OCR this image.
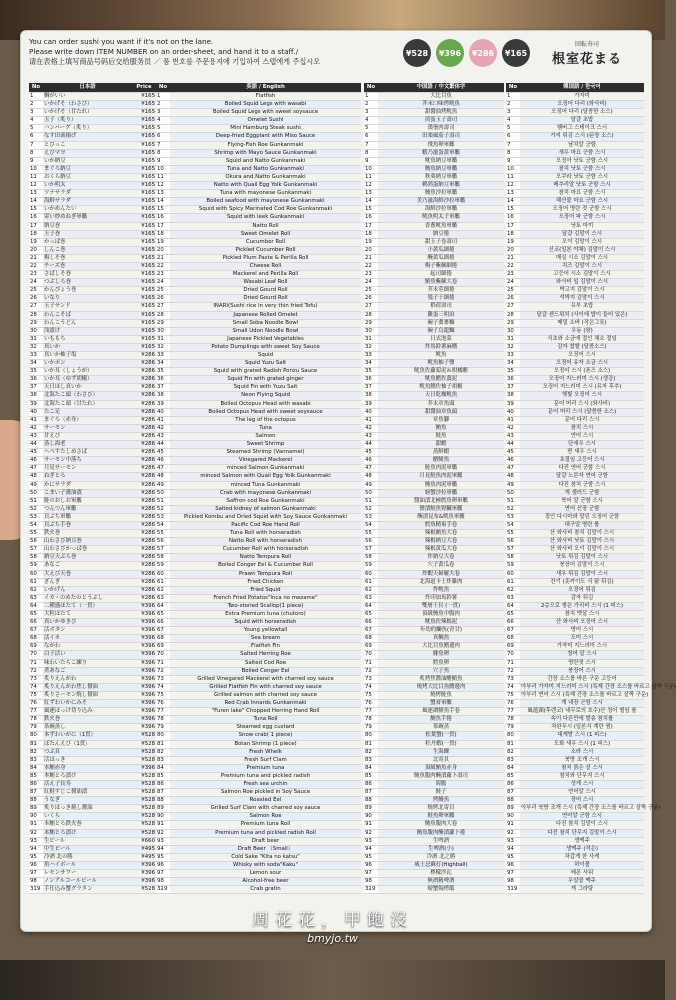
You can order sushi you want if it's not on the lane.
Please write down ITEM NUMBER on an order-sheet, and hand it to a staff./
请在表格上填写商品号码后交给服务员 ／ 품 번호를 주문용지에 기입하여 스텝에게 주십시오
¥528	¥396	¥286	¥165
回転寿司
根室花まる
No	日本語	Price
1	鯛がいい	¥165
2	いかげそ（わさび）	¥165
3	いかげそ（甘たれ）	¥165
4	玉子（炙り）	¥165
5	ハンバーグ（炙り）	¥165
6	なす田楽揚げ	¥165
7	とびっこ	¥165
8	えびマヨ	¥165
9	いか納豆	¥165
10	まぐろ納豆	¥165
11	おくら納豆	¥165
12	いか明太	¥165
13	ツナサラダ	¥165
14	海鮮サラダ	¥165
15	いかめんたい	¥165
16	寄い炒めねぎ軍艦	¥165
17	納豆巻	¥165
18	玉子巻	¥165
19	かっぱ巻	¥165
20	しんこ巻	¥165
21	梅しそ巻	¥165
22	チーズ巻	¥165
23	さばしそ巻	¥165
24	つぶしろ巻	¥165
25	かんぴょう巻	¥165
26	いなり	¥165
27	玉子サンド	¥165
28	わんこそば	¥165
29	わんこうどん	¥165
30	浅漬け	¥165
31	いももち	¥165
32	真いか	¥165
33	真いか柚子塩	¥286
34	いかポン	¥286
35	いか耳（しょうが）	¥286
36	いか耳（ゆず胡椒）	¥286
37	天日ほし真いか	¥286
38	北海たこ頭（わさび）	¥286
39	北海たこ頭（甘たれ）	¥286
40	たこ足	¥286
41	まぐろ（赤身）	¥286
42	サーモン	¥286
43	甘えび	¥286
44	蒸し海老	¥286
45	へぺすたしめさば	¥286
46	サーモン中落ち	¥286
47	月見サーモン	¥286
48	ねぎとろ	¥286
49	かにサラダ	¥286
50	こまい子醤油漬	¥286
51	鮭のおしお軍艦	¥286
52	つんつん軍艦	¥286
53	貝ぶち軍艦	¥286
54	貝ぶち手巻	¥286
55	鉄火巻	¥286
56	山わさび納豆巻	¥286
57	山わさびかっぱ巻	¥286
58	納豆天ぷら巻	¥286
59	あなご	¥286
60	大えび天巻	¥286
61	ざんぎ	¥286
62	いかげん	¥286
63	イカ・のめたのとうぶし	¥286
64	二種盛ほたて（一貫）	¥396
65	大粒ほたて	¥396
66	真いかゆきび	¥396
67	活ボタン	¥396
68	活イカ	¥396
69	ながわ	¥396
70	白子活い	¥396
71	味わいたらこ練り	¥396
72	煮あなご	¥396
73	炙りえんがわ	¥396
74	炙りえんがわ焦し醤油	¥396
75	炙りさーモン焼し醤油	¥396
76	紅ずわいかにみそ	¥396
77	風連ほっけ切り込み	¥396
78	鉄火巻	¥396
79	茶碗蒸し	¥396
80	本ずわいがに（1貫）	¥528
81	ぼたんえび（1貫）	¥528
82	つぶ貝	¥528
83	活ほっき	¥528
84	本鮪赤身	¥396
85	本鮪とろ漬け	¥528
86	活え子長寿	¥528
87	紅鮭すじこ醤油漬	¥528
88	うなぎ	¥528
89	炙りほっき焼し醤油	¥528
90	いくら	¥528
91	本鮪とろ鉄火巻	¥528
92	本鮪とろ漬け	¥528
93	生ビール	¥660
94	中生ビール	¥495
95	冷酒 北の勝	¥495
96	角ハイボール	¥396
97	レモンサワー	¥396
98	ノンアルコールビール	¥396
319	手仕込み蟹グラタン	¥528
No	英語 / English
1	Flatfish
2	Boiled Squid Legs with wasabi
3	Boiled Squid Legs with sweet soysauce
4	Omelet Sushi
5	Mini Hamburg Steak sushi
6	Deep-fried Eggplant with Miso Sauce
7	Flying-Fish Roe Gunkanmaki
8	Shrimp with Mayo Sauce Gunkanmaki
9	Squid and Natto Gunkanmaki
10	Tuna and Natto Gunkanmaki
11	Okura and Natto Gunkanmaki
12	Natto with Quail Egg Yolk Gunkanmaki
13	Tuna with mayonese Gunkanmaki
14	Boiled seafood with mayonese Gunkanmaki
15	Squid with Spicy Marinated Cod Roe Gunkanmaki
16	Squid with leek Gunkanmaki
17	Natto Roll
18	Sweet Omelet Roll
19	Cucumber Roll
20	Pickled Cucumber Roll
21	Pickled Plum Paste & Perilla Roll
22	Cheese Roll
23	Mackerel and Perilla Roll
24	Wasabi Leaf Roll
25	Dried Gourd Roll
26	Dried Gourd Roll
27	INARI(Sushi rice in very thin fried Tofu)
28	Japanese Rolled Omelet
29	Small Soba Noodle Bowl
30	Small Udon Noodle Bowl
31	Japanese Pickled Vegetables
32	Potato Dumplings with sweet Soy Sauce
33	Squid
34	Squid Yuzu Salt
35	Squid with grated Radish Ponzu Sauce
36	Squid Fin with grated ginger
37	Squid Fin with Yuzu Salt
38	Neon Flying Squid
39	Boiled Octopus Head with wasabi
40	Boiled Octopus Head with sweet soysauce
41	The leg of the octopus
42	Tuna
43	Salmon
44	Sweet Shrimp
45	Steamed Shrimp (Vannamei)
46	Vinegared Mackerel
47	minced Salmon Gunkanmaki
48	minced Salmon with Quail Egg Yolk Gunkanmaki
49	minced Tuna Gunkanmaki
50	Crab with mayonese Gunkanmaki
51	Saffron cod Roe Gunkanmaki
52	Salted kidney of salmon Gunkanmaki
53	Pickled Kombu and Dried Squid with Soy Sauce Gunkanmaki
54	Pacific Cod Roe Hand Roll
55	Tuna Roll with horseradish
56	Natto Roll with horseradish
57	Cucumber Roll with horseradish
58	Natto Tempura Roll
59	Boiled Conger Eel & Cucumber Roll
60	Prawn Tempura Roll
61	Fried Chicken
62	Fried Squid
63	French Fried Potatos"Inca no mezame"
64	Two-storied Scallop(1 piece)
65	Extra Premium tuna (chutoro)
66	Squid with horseradish
67	Young yellowtail
68	Sea bream
69	Flatfish Fin
70	Salted Herring Roe
71	Salted Cod Roe
72	Boiled Conger Eel
73	Grilled Vinegared Mackerel with charred soy sauce
74	Grilled Flatfish Fin with charred soy sauce
75	Grilled salmon with charred soy sauce
76	Red Crab Innards Gunkanmaki
77	"Furen lake" Chopped Herring Hand Roll
78	Tuna Roll
79	Steamed egg custard
80	Snow crab( 1 piece)
81	Botan Shrimp (1 piece)
82	Fresh Whelk
83	Fresh Surf Clam
84	Premium tuna
85	Premium tuna and pickled radish
86	Fresh sea urchin
87	Salmon Roe pickled in Soy Sauce
88	Roasted Eel
89	Grilled Surf Clam with charred soy sauce
90	Salmon Roe
91	Premium tuna Roll
92	Premium tuna and pickled radish Roll
93	Draft beer
94	Draft Beer （Small）
95	Cold Sake "Kita no katsu"
96	Whisky with soda"Kaku"
97	Lemon sour
98	Alcohol-free beer
319	Crab gratin
No	中国語 / 中文繁体字
1	大比目魚
2	芥末口味烤鱿魚
3	甜醬油烤鱿魚
4	煎蛋玉子壽司
5	漢堡肉壽司
6	田楽風茄子壽司
7	飛魚卵軍艦
8	蝦乃滋蛋黃軍艦
9	鱿魚納豆軍艦
10	鮪魚納豆軍艦
11	秋葵納豆軍艦
12	鹌鹑蛋納豆軍艦
13	鮪魚沙拉軍艦
14	美乃滋海鮮沙拉軍艦
15	海鮮沙拉軍艦
16	鱿魚明太子軍艦
17	香蔥鱿魚軍艦
18	納豆捲
19	甜玉子卷壽司
20	小黃瓜細捲
21	醃黃瓜細捲
22	梅子紫蘇細捲
23	起司細捲
24	鯖魚紫蘇大卷
25	芥末莖細捲
26	瓠子干細捲
27	稻荷壽司
28	雞蛋三明治
29	碗子蕎麥麵
30	碗子烏龍麵
31	日式泡菜
32	炸馬鈴薯麻糬
33	鱿魚
34	鱿魚柚子鹽
35	鱿魚佐蘿蔔泥＆柑橘醋
36	鱿魚鰭佐薑泥
37	鱿魚鰭佐柚子胡椒
38	天日乾燥鱿魚
39	芥末章魚頭
40	甜醬油章魚頭
41	章魚腳
42	鮪魚
43	鮭魚
44	甜蝦
45	蒸鮮蝦
46	醋鯖魚
47	鮭魚肉泥軍艦
48	月見鮭魚肉泥軍艦
49	鮪魚肉泥軍艦
50	螃蟹沙拉軍艦
51	醬油漬北極鱈魚卵軍艦
52	鹽漬鮭魚腎臟軍艦
53	醃漬昆布&鱿魚軍艦
54	鱈魚精巢手卷
55	辣根鮪魚大卷
56	辣根納豆大卷
57	辣根黃瓜大卷
58	炸納豆大卷
59	穴子黃瓜卷
60	炸蝦天婦羅大卷
61	北海道卡士炸雞肉
62	炸鱿魚
63	炸印加馬鈴薯
64	雙層干貝 (一貫)
65	頂級鮪魚中腹肉
66	鱿魚佐辣根泥
67	年幼的鰤魚(青甘)
68	真鯛魚
69	大比目魚鰭邊肉
70	鯡魚卵
71	鱈魚卵
72	穴子魚
73	炙烤焦醬油醋鯖魚
74	燒烤大比目魚鰭邊肉
75	燒烤鮭魚
76	蟹膏軍艦
77	風連湖鯡魚手卷
78	鮪魚手捲
79	茶碗蒸
80	松葉蟹(一貫)
81	牡丹蝦(一貫)
82	生海螺
83	北寄貝
84	頂級鮪魚赤身
85	鮪魚腹肉醃漬蘿卜壽司
86	海膽
87	鮭子
88	烤鰻魚
89	燒烤北寄貝
90	鮭魚卵軍艦
91	鮪魚腹肉大卷
92	鮪魚腹肉醃漬蘿卜捲
93	生啤酒
94	生啤酒(小)
95	冷酒 北之勝
96	威士忌蘇打(Highball)
97	檸檬沙瓦
98	無酒精啤酒
319	螃蟹焗烤飯
No	韓国語 / 한국어
1	가자미
2	오징어 다리 (와사비)
3	오징어 다리 (달콤한 소스)
4	달걀 초밥
5	햄버그 스테이크 스시
6	가지 튀김 스시 (된장 소스)
7	날치알 군함
8	새우 마요 군함 스시
9	오징어 낫토 군함 스시
10	참치 낫토 군함 스시
11	오쿠라 낫토 군함 스시
12	메추리알 낫토 군함 스시
13	참치 마요 군함 스시
14	해산물 마요 군함 스시
15	오징어 명란 젓 군함 스시
16	오징어 파 군함 스시
17	낫토 마끼
18	달걀 김말이 스시
19	오이 김말이 스시
20	신코(일본 야채) 김말이 스시
21	매실 시소 김말이 스시
22	치즈 김말이 스시
23	고등어 시소 김말이 스시
24	와사비 잎 김말이 스시
25	박고지 김말이 스시
26	석박지 김말이 스시
27	유부 초밥
28	달걀 샌드위치 (사이에 밥이 들어 있은)
29	메밀 소바 (작은그릇)
30	우동 (왕)
31	식초와 소금에 절인 채소 절임
32	감자 찹쌀 (달콤소스)
33	오징어 스시
34	오징어 유자 소금 스시
35	오징어 스시 (폰즈 소스)
36	오징어 지느러미 스시 (생강)
37	오징어 지느러미 스시 (유자 후추)
38	햇빛 오징어 스시
39	문어 머리 스시 (와사비)
40	문어 머리 스시 (달콤한 소스)
41	문어 다리 스시
42	참치 스시
43	연어 스시
44	단새우 스시
45	찐 새우 스시
46	초절임 고등어 스시
47	다진 연어 군함 스시
48	달걀 노른자 연어 군함
49	다진 참치 군함 스시
50	게 샐러드 군함
51	북어 알 군함 스시
52	연어 신장 군함
53	절인 다시마와 말린 오징어 군함
54	대구알 명란 롤
55	산 와사비 참치 김말이 스시
56	산 와사비 낫토 김말이 스시
57	산 와사비 오이 김말이 스시
58	낫토 튀김 김말이 스시
59	붕장어 김말이 스시
60	새우 튀김 김말이 스시
61	잔기 (홋카이도 식 닭 튀김)
62	오징어 튀김
63	감자 튀김
64	2층으로 쌓은 가리비 스시 (1 피스)
65	참치 뱃살 스시
66	산 와사비 오징어 스시
67	방어 스시
68	도미 스시
69	가자미 지느러미 스시
70	청어 알 스시
71	명란젓 스시
72	붕장어 스시
73	간장 소스를 바른 구운 고등어
74	아부리 가자미 지느러미 스시 (특제 간장 소스를 바르고 살짝 구운)
75	아부리 연어 스시 (특제 간장 소스를 바르고 살짝 구운)
76	게 내장 군함 스시
77	風蓮湖(후렌코) 네무로의 호수)산 청어 썰임 롤
78	속이 다른만에 발송 참치롤
79	차완무시 (일본식 계란 찜)
80	대게발 스시 (1 피스)
81	도화 새우 스시 (1 피스)
82	소라 스시
83	북방 조개 스시
84	참치 붉은 살 스시
85	참치와 단무지 스시
86	성게 스시
87	연어알 스시
88	장어 스시
89	아부리 북방 조개 스시 (특제 간장 소스를 바르고 살짝 구운)
90	연어알 군함 스시
91	다진 참치 김말이 스시
92	다진 참치 단무지 김말이 스시
93	생맥주
94	생맥주 (작은)
95	차갑게 한 사케
96	하이볼
97	레몬 사워
98	무알콜 맥주
319	게 그라탕
周花花，甲飽沒
bmyjo.tw
